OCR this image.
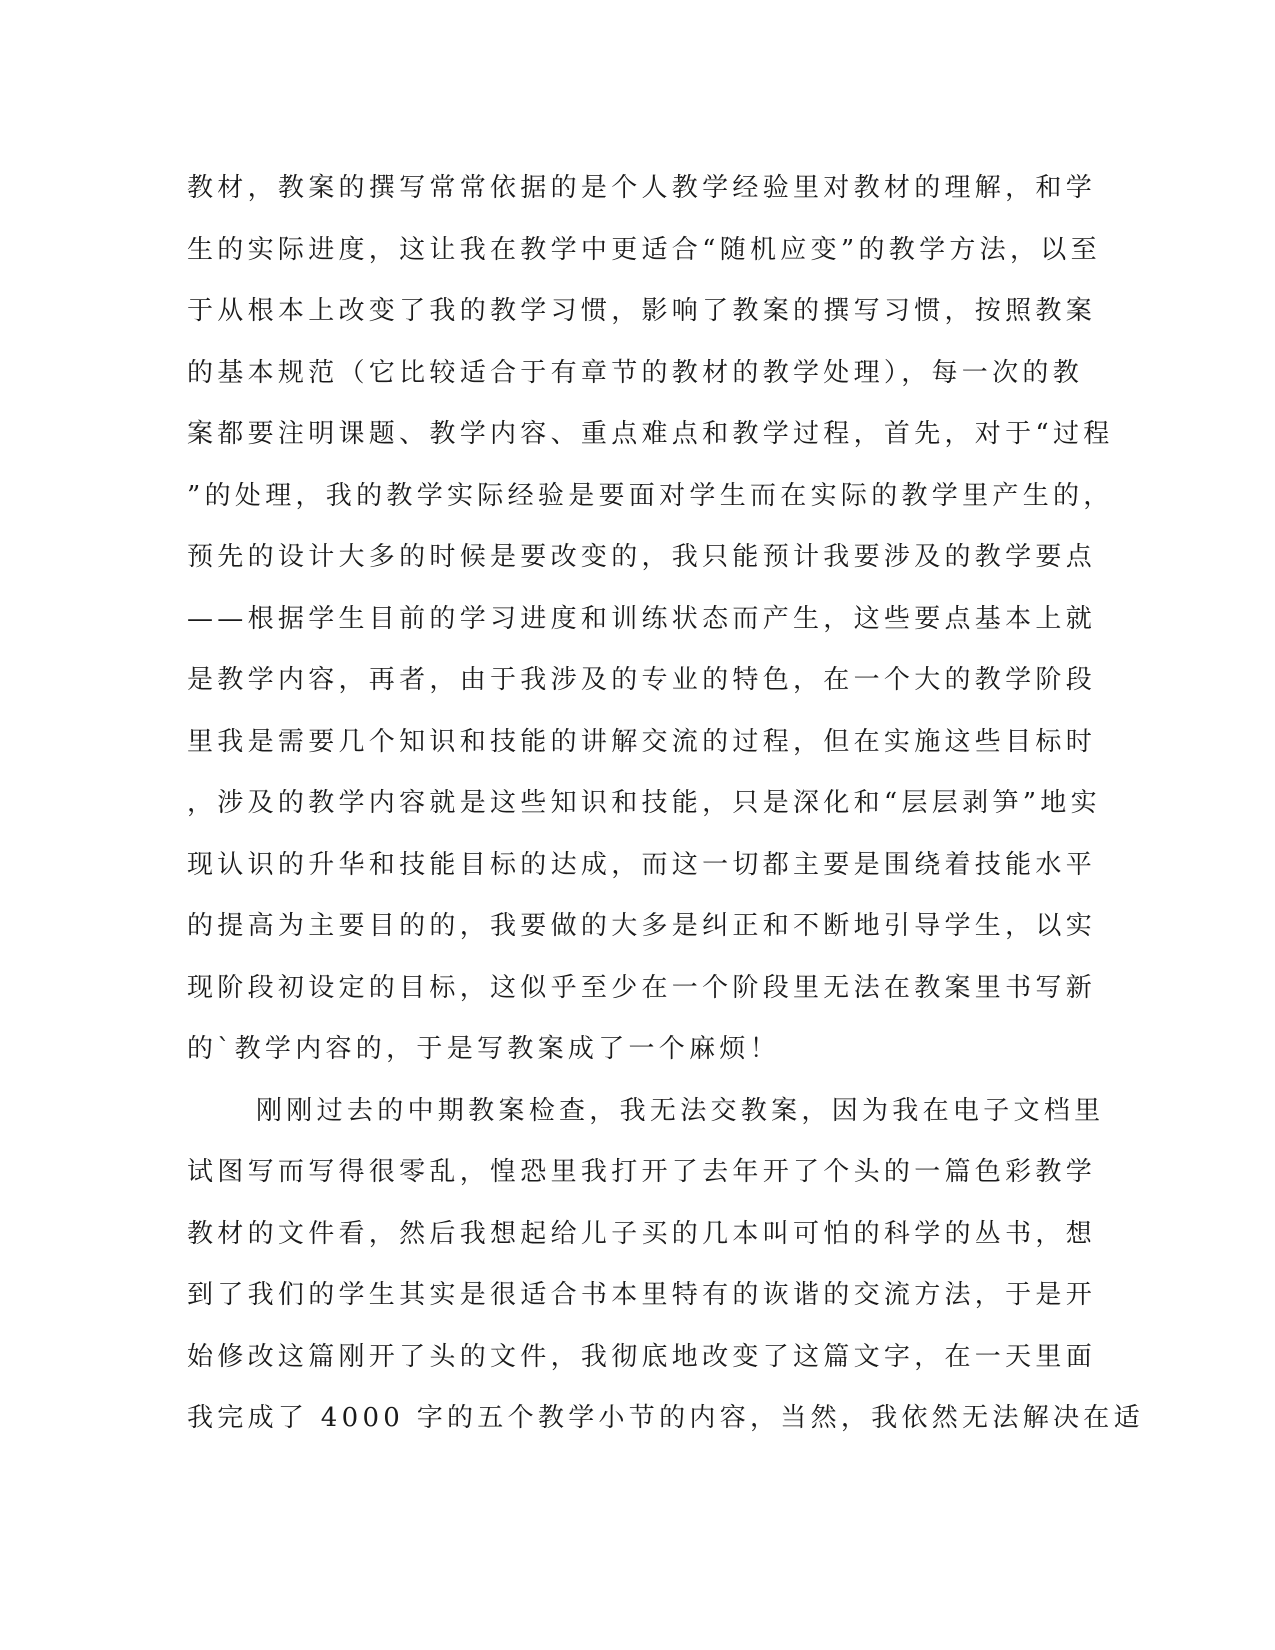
教材，教案的撰写常常依据的是个人教学经验里对教材的理解，和学
生的实际进度，这让我在教学中更适合“随机应变”的教学方法，以至
于从根本上改变了我的教学习惯，影响了教案的撰写习惯，按照教案
的基本规范（它比较适合于有章节的教材的教学处理），每一次的教
案都要注明课题、教学内容、重点难点和教学过程，首先，对于“过程
”的处理，我的教学实际经验是要面对学生而在实际的教学里产生的，
预先的设计大多的时候是要改变的，我只能预计我要涉及的教学要点
——根据学生目前的学习进度和训练状态而产生，这些要点基本上就
是教学内容，再者，由于我涉及的专业的特色，在一个大的教学阶段
里我是需要几个知识和技能的讲解交流的过程，但在实施这些目标时
，涉及的教学内容就是这些知识和技能，只是深化和“层层剥笋”地实
现认识的升华和技能目标的达成，而这一切都主要是围绕着技能水平
的提高为主要目的的，我要做的大多是纠正和不断地引导学生，以实
现阶段初设定的目标，这似乎至少在一个阶段里无法在教案里书写新
的`教学内容的，于是写教案成了一个麻烦！
刚刚过去的中期教案检查，我无法交教案，因为我在电子文档里
试图写而写得很零乱，惶恐里我打开了去年开了个头的一篇色彩教学
教材的文件看，然后我想起给儿子买的几本叫可怕的科学的丛书，想
到了我们的学生其实是很适合书本里特有的诙谐的交流方法，于是开
始修改这篇刚开了头的文件，我彻底地改变了这篇文字，在一天里面
我完成了 4000 字的五个教学小节的内容，当然，我依然无法解决在适
